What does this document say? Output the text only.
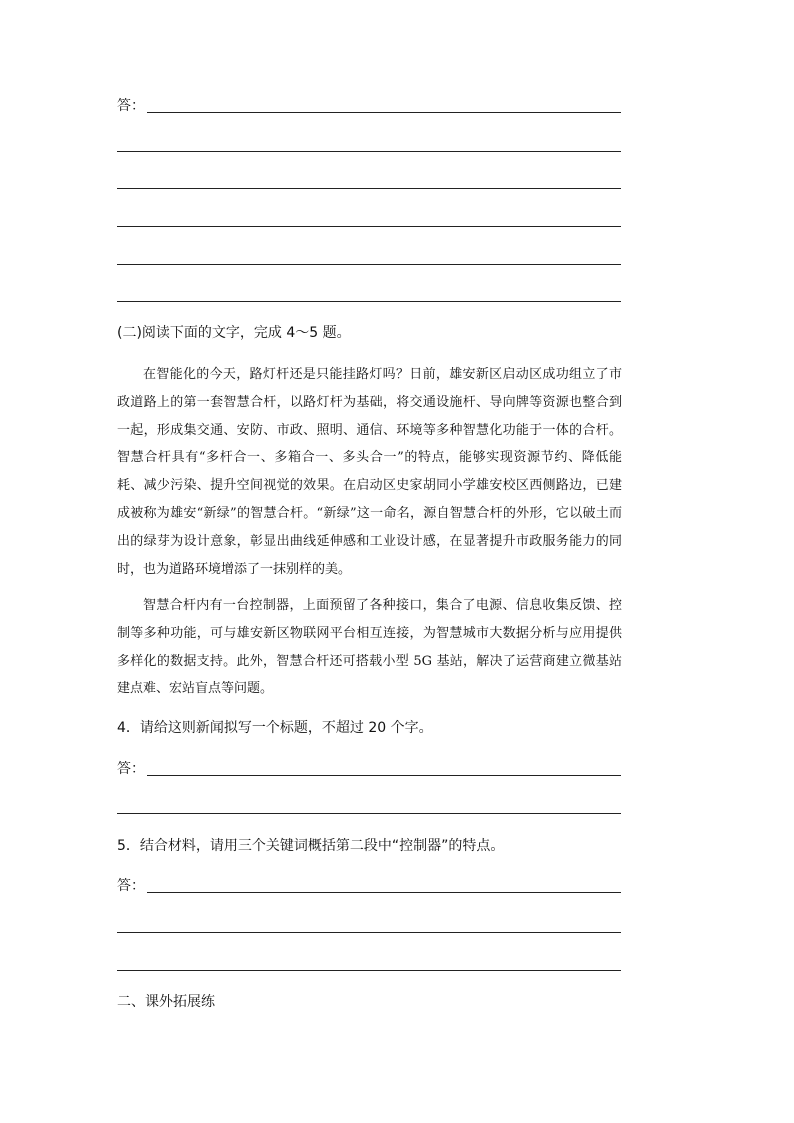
答：
(二)阅读下面的文字，完成 4～5 题。

在智能化的今天，路灯杆还是只能挂路灯吗？日前，雄安新区启动区成功组立了市政道路上的第一套智慧合杆，以路灯杆为基础，将交通设施杆、导向牌等资源也整合到一起，形成集交通、安防、市政、照明、通信、环境等多种智慧化功能于一体的合杆。智慧合杆具有“多杆合一、多箱合一、多头合一”的特点，能够实现资源节约、降低能耗、减少污染、提升空间视觉的效果。在启动区史家胡同小学雄安校区西侧路边，已建成被称为雄安“新绿”的智慧合杆。“新绿”这一命名，源自智慧合杆的外形，它以破土而出的绿芽为设计意象，彰显出曲线延伸感和工业设计感，在显著提升市政服务能力的同时，也为道路环境增添了一抹别样的美。

智慧合杆内有一台控制器，上面预留了各种接口，集合了电源、信息收集反馈、控制等多种功能，可与雄安新区物联网平台相互连接，为智慧城市大数据分析与应用提供多样化的数据支持。此外，智慧合杆还可搭载小型 5G 基站，解决了运营商建立微基站建点难、宏站盲点等问题。

4．请给这则新闻拟写一个标题，不超过 20 个字。
答：
5．结合材料，请用三个关键词概括第二段中“控制器”的特点。
答：
二、课外拓展练
